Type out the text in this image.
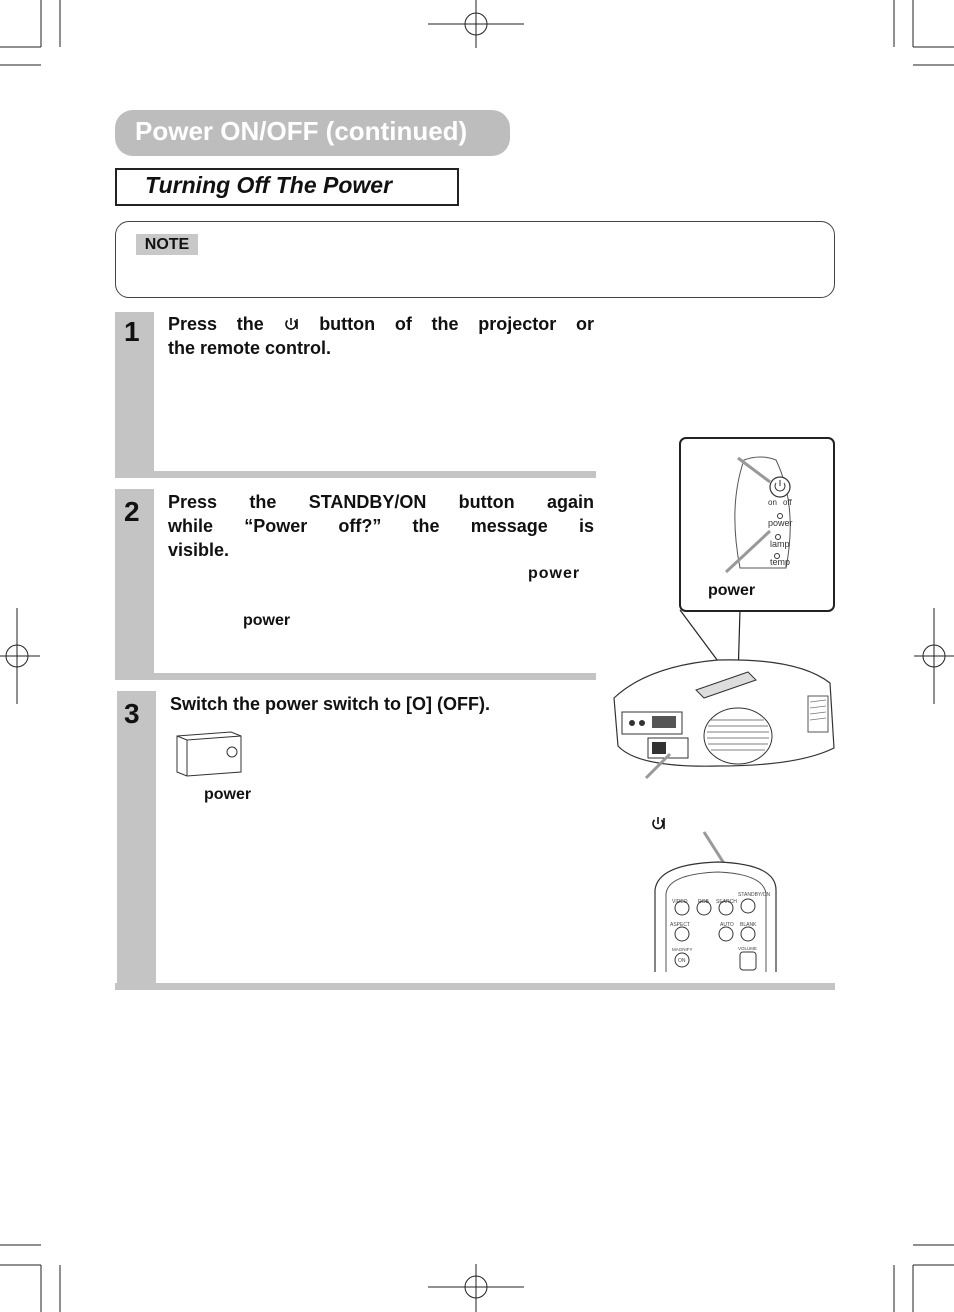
Power ON/OFF (continued)
Turning Off The Power
NOTE
1
2
3
Press the	button of the projector or
the remote control.
Press the STANDBY/ON button again
while “Power off?” the message is
visible.
power
power
Switch the power switch to [O] (OFF).
power
on off
power
lamp
temp
power
STANDBY/ON
VIDEO RGB SEARCH
ASPECT	AUTO BLANK
MAGNIFY
ON
VOLUME
